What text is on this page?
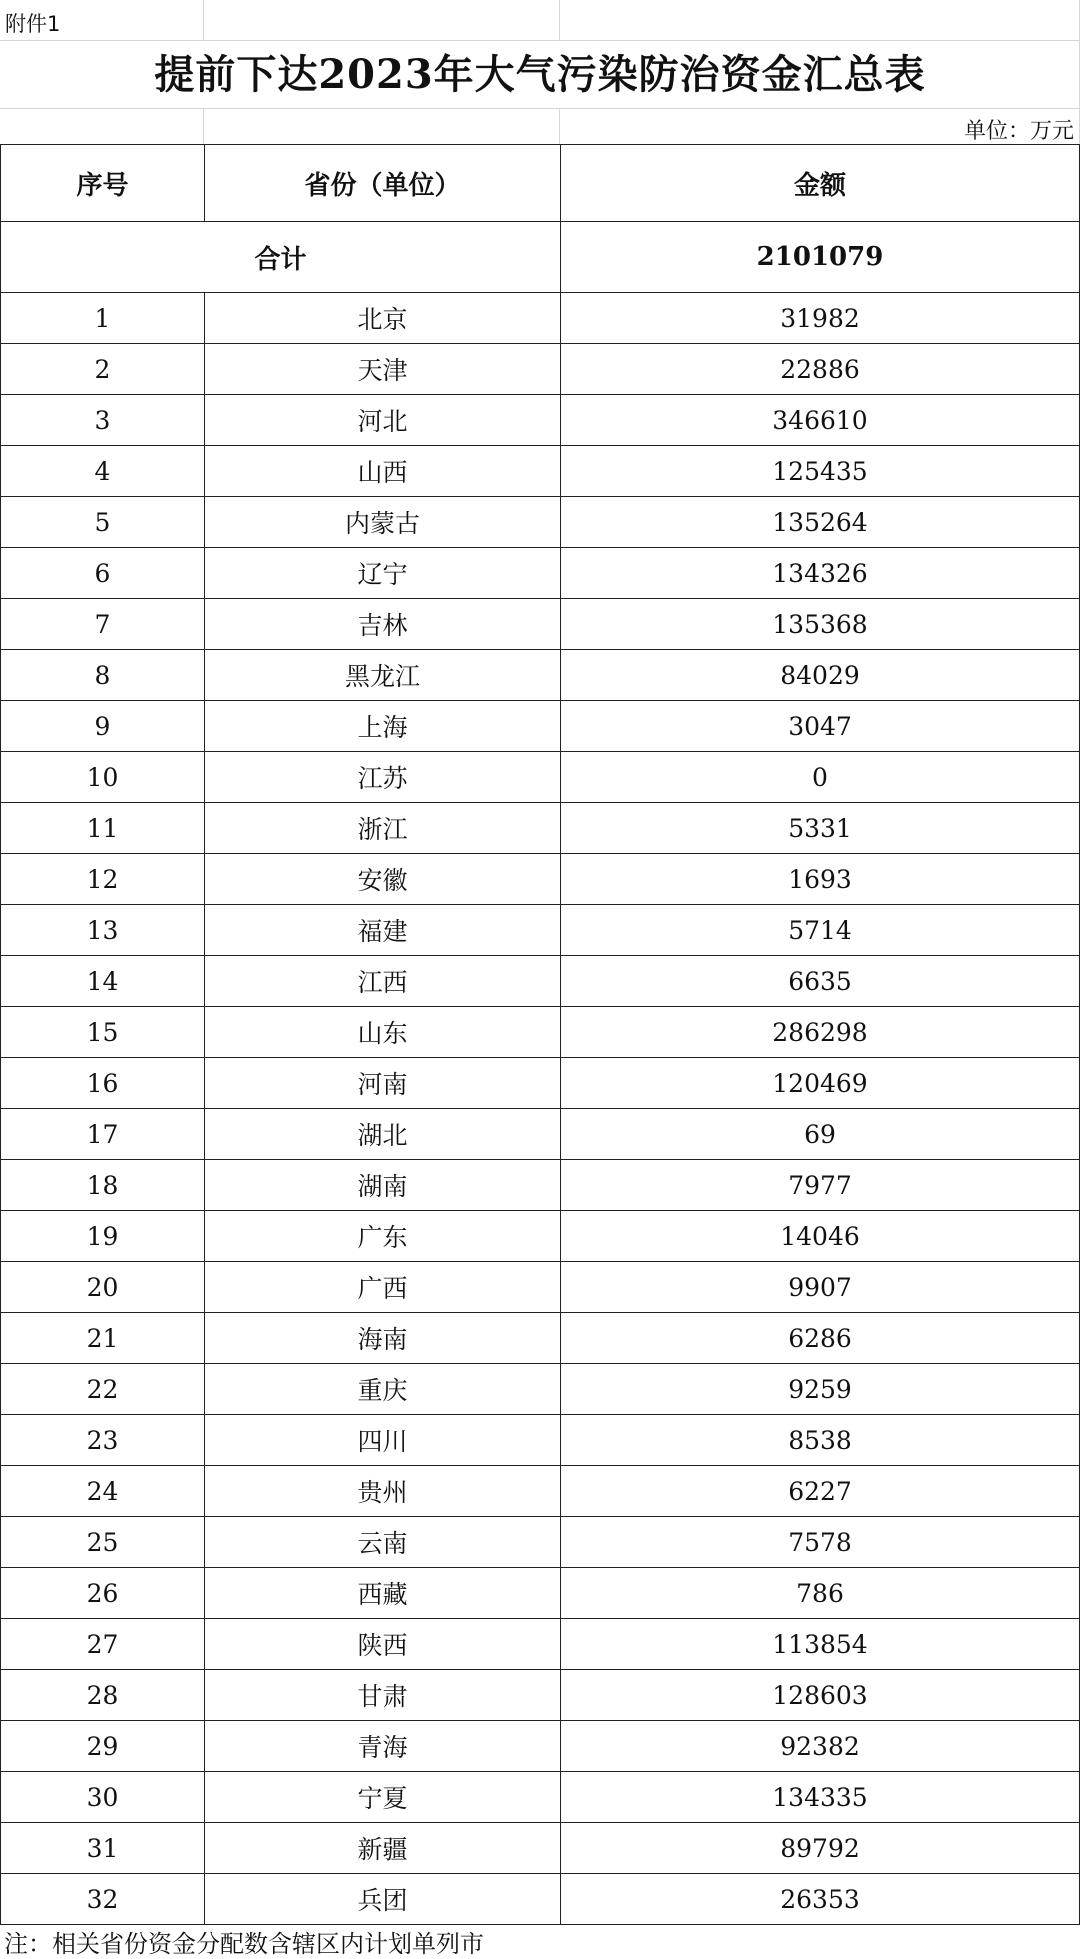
附件1
提前下达2023年大气污染防治资金汇总表
单位：万元
序号	省份（单位）	金额
合计		2101079
1	北京	31982
2	天津	22886
3	河北	346610
4	山西	125435
5	内蒙古	135264
6	辽宁	134326
7	吉林	135368
8	黑龙江	84029
9	上海	3047
10	江苏	0
11	浙江	5331
12	安徽	1693
13	福建	5714
14	江西	6635
15	山东	286298
16	河南	120469
17	湖北	69
18	湖南	7977
19	广东	14046
20	广西	9907
21	海南	6286
22	重庆	9259
23	四川	8538
24	贵州	6227
25	云南	7578
26	西藏	786
27	陕西	113854
28	甘肃	128603
29	青海	92382
30	宁夏	134335
31	新疆	89792
32	兵团	26353
注：相关省份资金分配数含辖区内计划单列市
